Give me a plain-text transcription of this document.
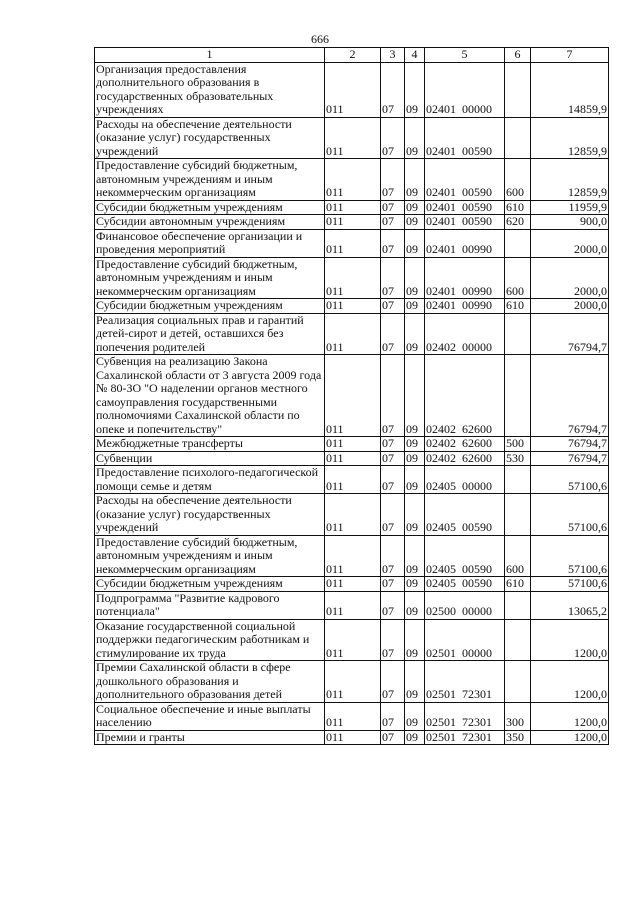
666
1	2	3	4	5	6	7
Организация предоставления дополнительного образования в государственных образовательных учреждениях	011	07	09	02401  00000		14859,9
Расходы на обеспечение деятельности (оказание услуг) государственных учреждений	011	07	09	02401  00590		12859,9
Предоставление субсидий бюджетным, автономным учреждениям и иным некоммерческим организациям	011	07	09	02401  00590	600	12859,9
Субсидии бюджетным учреждениям	011	07	09	02401  00590	610	11959,9
Субсидии автономным учреждениям	011	07	09	02401  00590	620	900,0
Финансовое обеспечение организации и проведения мероприятий	011	07	09	02401  00990		2000,0
Предоставление субсидий бюджетным, автономным учреждениям и иным некоммерческим организациям	011	07	09	02401  00990	600	2000,0
Субсидии бюджетным учреждениям	011	07	09	02401  00990	610	2000,0
Реализация социальных прав и гарантий детей-сирот и детей, оставшихся без попечения родителей	011	07	09	02402  00000		76794,7
Субвенция на реализацию Закона Сахалинской области от 3 августа 2009 года № 80-ЗО "О наделении органов местного самоуправления государственными полномочиями Сахалинской области по опеке и попечительству"	011	07	09	02402  62600		76794,7
Межбюджетные трансферты	011	07	09	02402  62600	500	76794,7
Субвенции	011	07	09	02402  62600	530	76794,7
Предоставление психолого-педагогической помощи семье и детям	011	07	09	02405  00000		57100,6
Расходы на обеспечение деятельности (оказание услуг) государственных учреждений	011	07	09	02405  00590		57100,6
Предоставление субсидий бюджетным, автономным учреждениям и иным некоммерческим организациям	011	07	09	02405  00590	600	57100,6
Субсидии бюджетным учреждениям	011	07	09	02405  00590	610	57100,6
Подпрограмма "Развитие кадрового потенциала"	011	07	09	02500  00000		13065,2
Оказание государственной социальной поддержки педагогическим работникам и стимулирование их труда	011	07	09	02501  00000		1200,0
Премии Сахалинской области в сфере дошкольного образования и дополнительного образования детей	011	07	09	02501  72301		1200,0
Социальное обеспечение и иные выплаты населению	011	07	09	02501  72301	300	1200,0
Премии и гранты	011	07	09	02501  72301	350	1200,0
